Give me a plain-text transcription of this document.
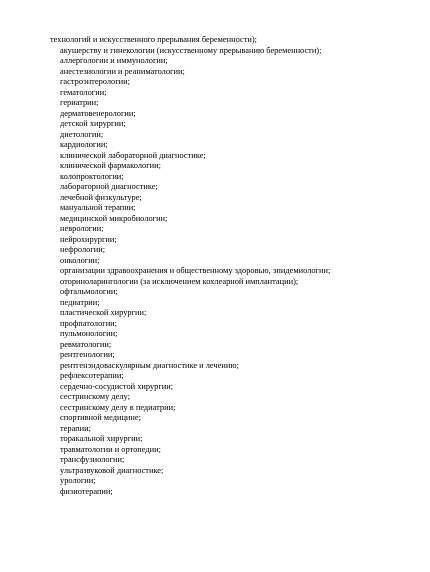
технологий и искусственного прерывания беременности);
акушерству и гинекологии (искусственному прерыванию беременности);
аллергологии и иммунологии;
анестезиологии и реаниматологии;
гастроэнтерологии;
гематологии;
гериатрии;
дерматовенерологии;
детской хирургии;
диетологии;
кардиологии;
клинической лабораторной диагностике;
клинической фармакологии;
колопроктологии;
лабораторной диагностике;
лечебной физкультуре;
мануальной терапии;
медицинской микробиологии;
неврологии;
нейрохирургии;
нефрологии;
онкологии;
организации здравоохранения и общественному здоровью, эпидемиологии;
оториноларингологии (за исключением кохлеарной имплантации);
офтальмологии;
педиатрии;
пластической хирургии;
профпатологии;
пульмонологии;
ревматологии;
рентгенологии;
рентгенэндоваскулярным диагностике и лечению;
рефлексотерапии;
сердечно-сосудистой хирургии;
сестринскому делу;
сестринскому делу в педиатрии;
спортивной медицине;
терапии;
торакальной хирургии;
травматологии и ортопедии;
трансфузиологии;
ультразвуковой диагностике;
урологии;
физиотерапии;
